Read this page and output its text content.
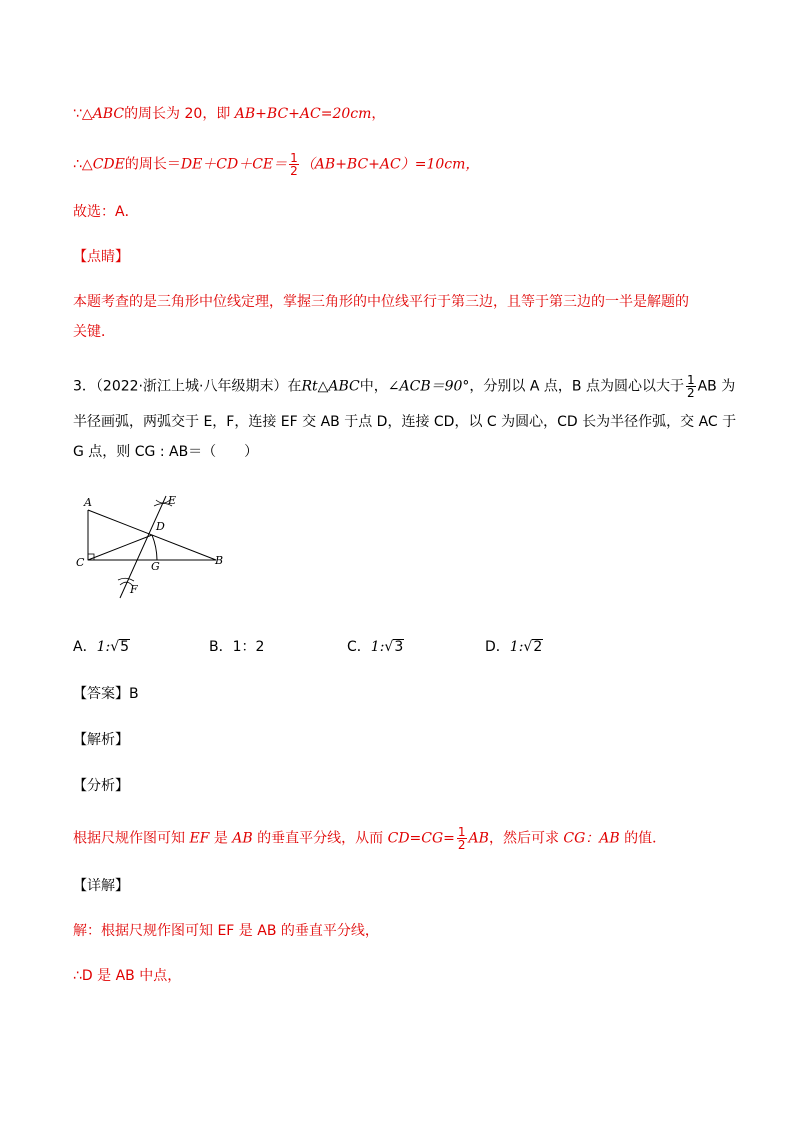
∵△ABC的周长为 20，即 AB+BC+AC=20cm，
∴△CDE的周长$=DE+CD+CE= \frac{1}{2} (AB+BC+AC)=10cm$，
故选：A．
【点睛】
本题考查的是三角形中位线定理，掌握三角形的中位线平行于第三边，且等于第三边的一半是解题的
关键．
3．（2022·浙江上城·八年级期末）在Rt△ABC中，∠ACB＝90°，分别以 A 点，B 点为圆心以大于 $\frac{1}{2}$ AB 为
半径画弧，两弧交于 E，F，连接 EF 交 AB 于点 D，连接 CD，以 C 为圆心，CD 长为半径作弧，交 AC 于
G 点，则 CG : AB＝（　　）
A
C	B
D
E
F
G
A．1:√5	B．1：2	C．1:√3	D．1:√2
【答案】B
【解析】
【分析】
根据尺规作图可知 EF 是 AB 的垂直平分线，从而 $CD=CG= \frac{1}{2}$ AB，然后可求 CG：AB 的值．
【详解】
解：根据尺规作图可知 EF 是 AB 的垂直平分线，
∴D 是 AB 中点，
